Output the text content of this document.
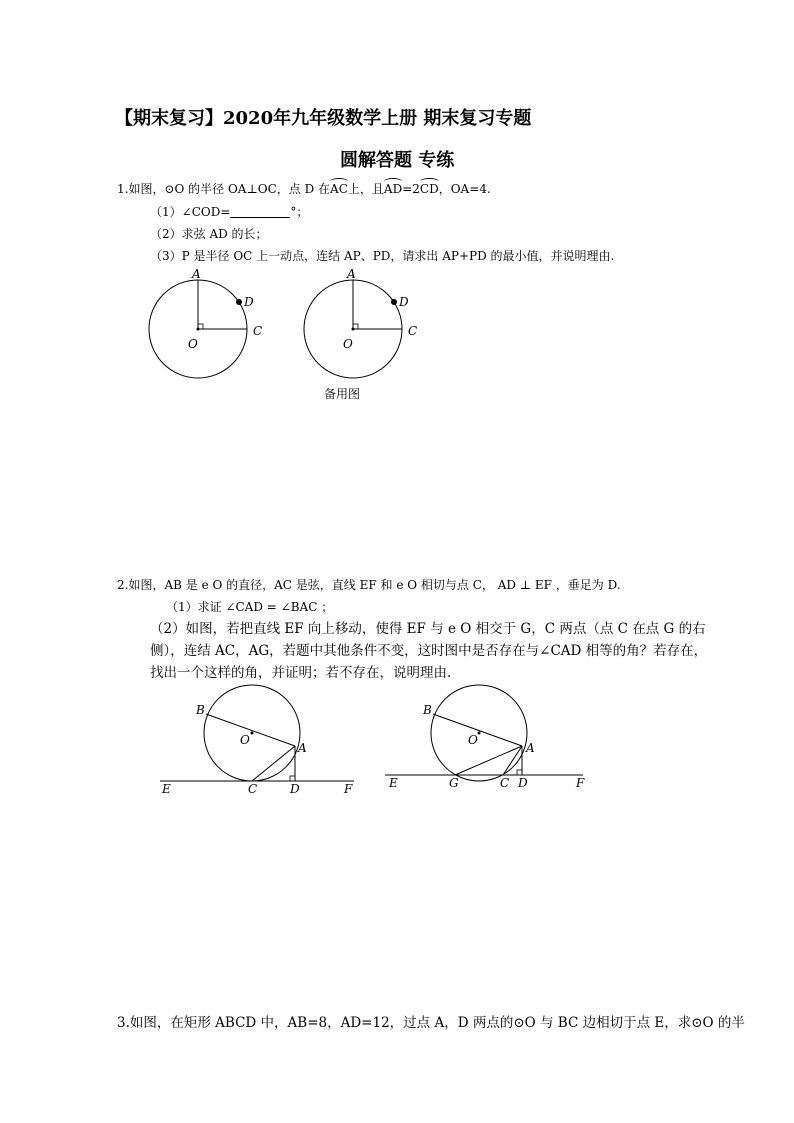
【期末复习】2020年九年级数学上册 期末复习专题
圆解答题 专练
1.如图，⊙O 的半径 OA⊥OC，点 D 在AC上，且AD=2CD，OA=4.
（1）∠COD=	°；
（2）求弦 AD 的长；
（3）P 是半径 OC 上一动点，连结 AP、PD，请求出 AP+PD 的最小值，并说明理由.
A
D
C
O
A
D
C
O
备用图
2.如图，AB 是 e O 的直径，AC 是弦，直线 EF 和 e O 相切与点 C， AD ⊥ EF ，垂足为 D.
（1）求证 ∠CAD = ∠BAC ；
（2）如图，若把直线 EF 向上移动，使得 EF 与 e O 相交于 G，C 两点（点 C 在点 G 的右
侧），连结 AC，AG，若题中其他条件不变，这时图中是否存在与∠CAD 相等的角？若存在，
找出一个这样的角，并证明；若不存在，说明理由.
B
O
A
E	C	D	F
B
O
A
E	G	C D	F
3.如图，在矩形 ABCD 中，AB=8，AD=12，过点 A，D 两点的⊙O 与 BC 边相切于点 E，求⊙O 的半
